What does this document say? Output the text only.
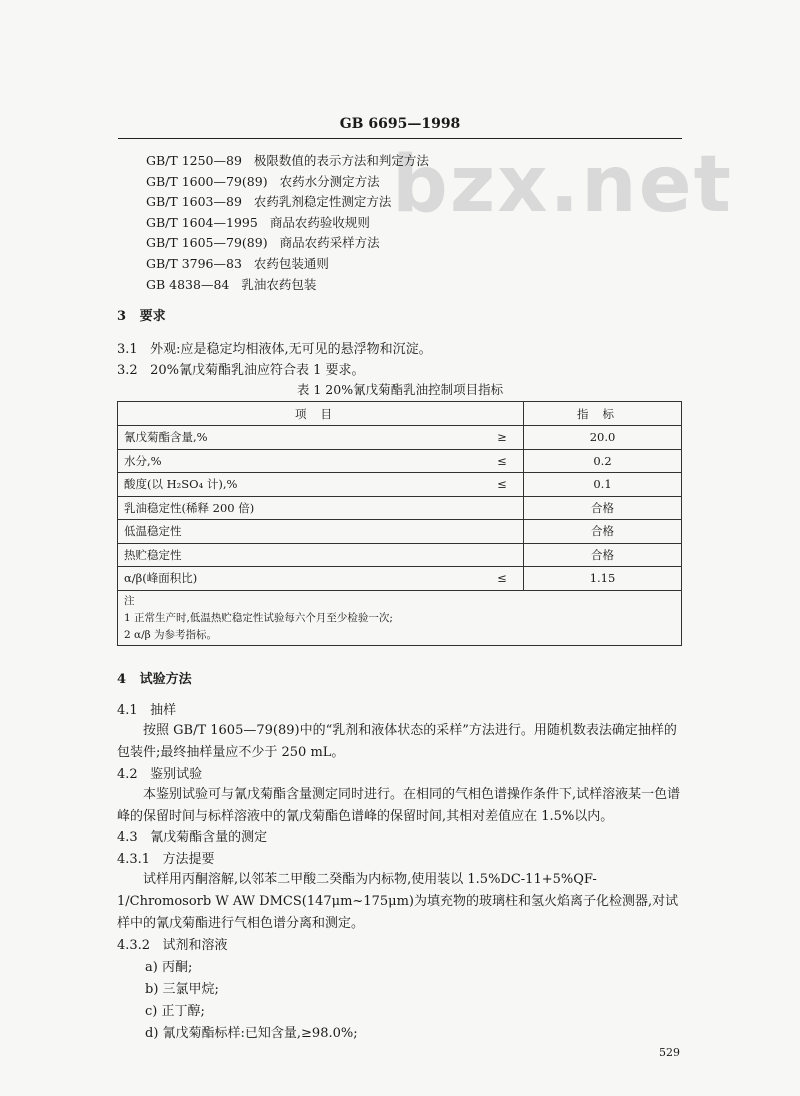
bzx.net
GB 6695—1998
GB/T 1250—89 极限数值的表示方法和判定方法
GB/T 1600—79(89) 农药水分测定方法
GB/T 1603—89 农药乳剂稳定性测定方法
GB/T 1604—1995 商品农药验收规则
GB/T 1605—79(89) 商品农药采样方法
GB/T 3796—83 农药包装通则
GB 4838—84 乳油农药包装
3 要求
3.1 外观:应是稳定均相液体,无可见的悬浮物和沉淀。
3.2 20%氰戊菊酯乳油应符合表 1 要求。
表 1 20%氰戊菊酯乳油控制项目指标
项目		指标
氰戊菊酯含量,%	≥	20.0
水分,%	≤	0.2
酸度(以 H₂SO₄ 计),%	≤	0.1
乳油稳定性(稀释 200 倍)		合格
低温稳定性		合格
热贮稳定性		合格
α/β(峰面积比)	≤	1.15

注
1 正常生产时,低温热贮稳定性试验每六个月至少检验一次;
2 α/β 为参考指标。		
4 试验方法
4.1 抽样
按照 GB/T 1605—79(89)中的“乳剂和液体状态的采样”方法进行。用随机数表法确定抽样的包装件;最终抽样量应不少于 250 mL。
4.2 鉴别试验
本鉴别试验可与氰戊菊酯含量测定同时进行。在相同的气相色谱操作条件下,试样溶液某一色谱峰的保留时间与标样溶液中的氰戊菊酯色谱峰的保留时间,其相对差值应在 1.5%以内。
4.3 氰戊菊酯含量的测定
4.3.1 方法提要
试样用丙酮溶解,以邻苯二甲酸二癸酯为内标物,使用装以 1.5%DC-11+5%QF-1/Chromosorb W AW DMCS(147μm~175μm)为填充物的玻璃柱和氢火焰离子化检测器,对试样中的氰戊菊酯进行气相色谱分离和测定。
4.3.2 试剂和溶液
a) 丙酮;
b) 三氯甲烷;
c) 正丁醇;
d) 氰戊菊酯标样:已知含量,≥98.0%;
529
